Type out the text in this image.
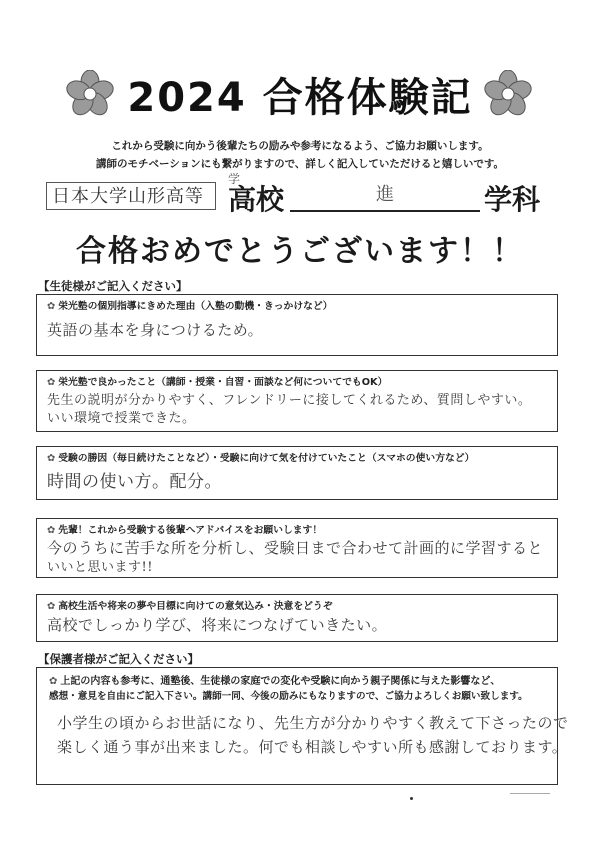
2024 合格体験記
これから受験に向かう後輩たちの励みや参考になるよう、ご協力お願いします。
講師のモチベーションにも繋がりますので、詳しく記入していただけると嬉しいです。
日本大学山形高等
学
高校	進	学科
合格おめでとうございます！！
【生徒様がご記入ください】
✿ 栄光塾の個別指導にきめた理由（入塾の動機・きっかけなど）
英語の基本を身につけるため。
✿ 栄光塾で良かったこと（講師・授業・自習・面談など何についてでもOK）
先生の説明が分かりやすく、フレンドリーに接してくれるため、質問しやすい。
いい環境で授業できた。
✿ 受験の勝因（毎日続けたことなど）・受験に向けて気を付けていたこと（スマホの使い方など）
時間の使い方。配分。
✿ 先輩！これから受験する後輩へアドバイスをお願いします！
今のうちに苦手な所を分析し、受験日まで合わせて計画的に学習すると
いいと思います!!
✿ 高校生活や将来の夢や目標に向けての意気込み・決意をどうぞ
高校でしっかり学び、将来につなげていきたい。
【保護者様がご記入ください】
✿ 上記の内容も参考に、通塾後、生徒様の家庭での変化や受験に向かう親子関係に与えた影響など、
感想・意見を自由にご記入下さい。講師一同、今後の励みにもなりますので、ご協力よろしくお願い致します。
小学生の頃からお世話になり、先生方が分かりやすく教えて下さったので
楽しく通う事が出来ました。何でも相談しやすい所も感謝しております。
